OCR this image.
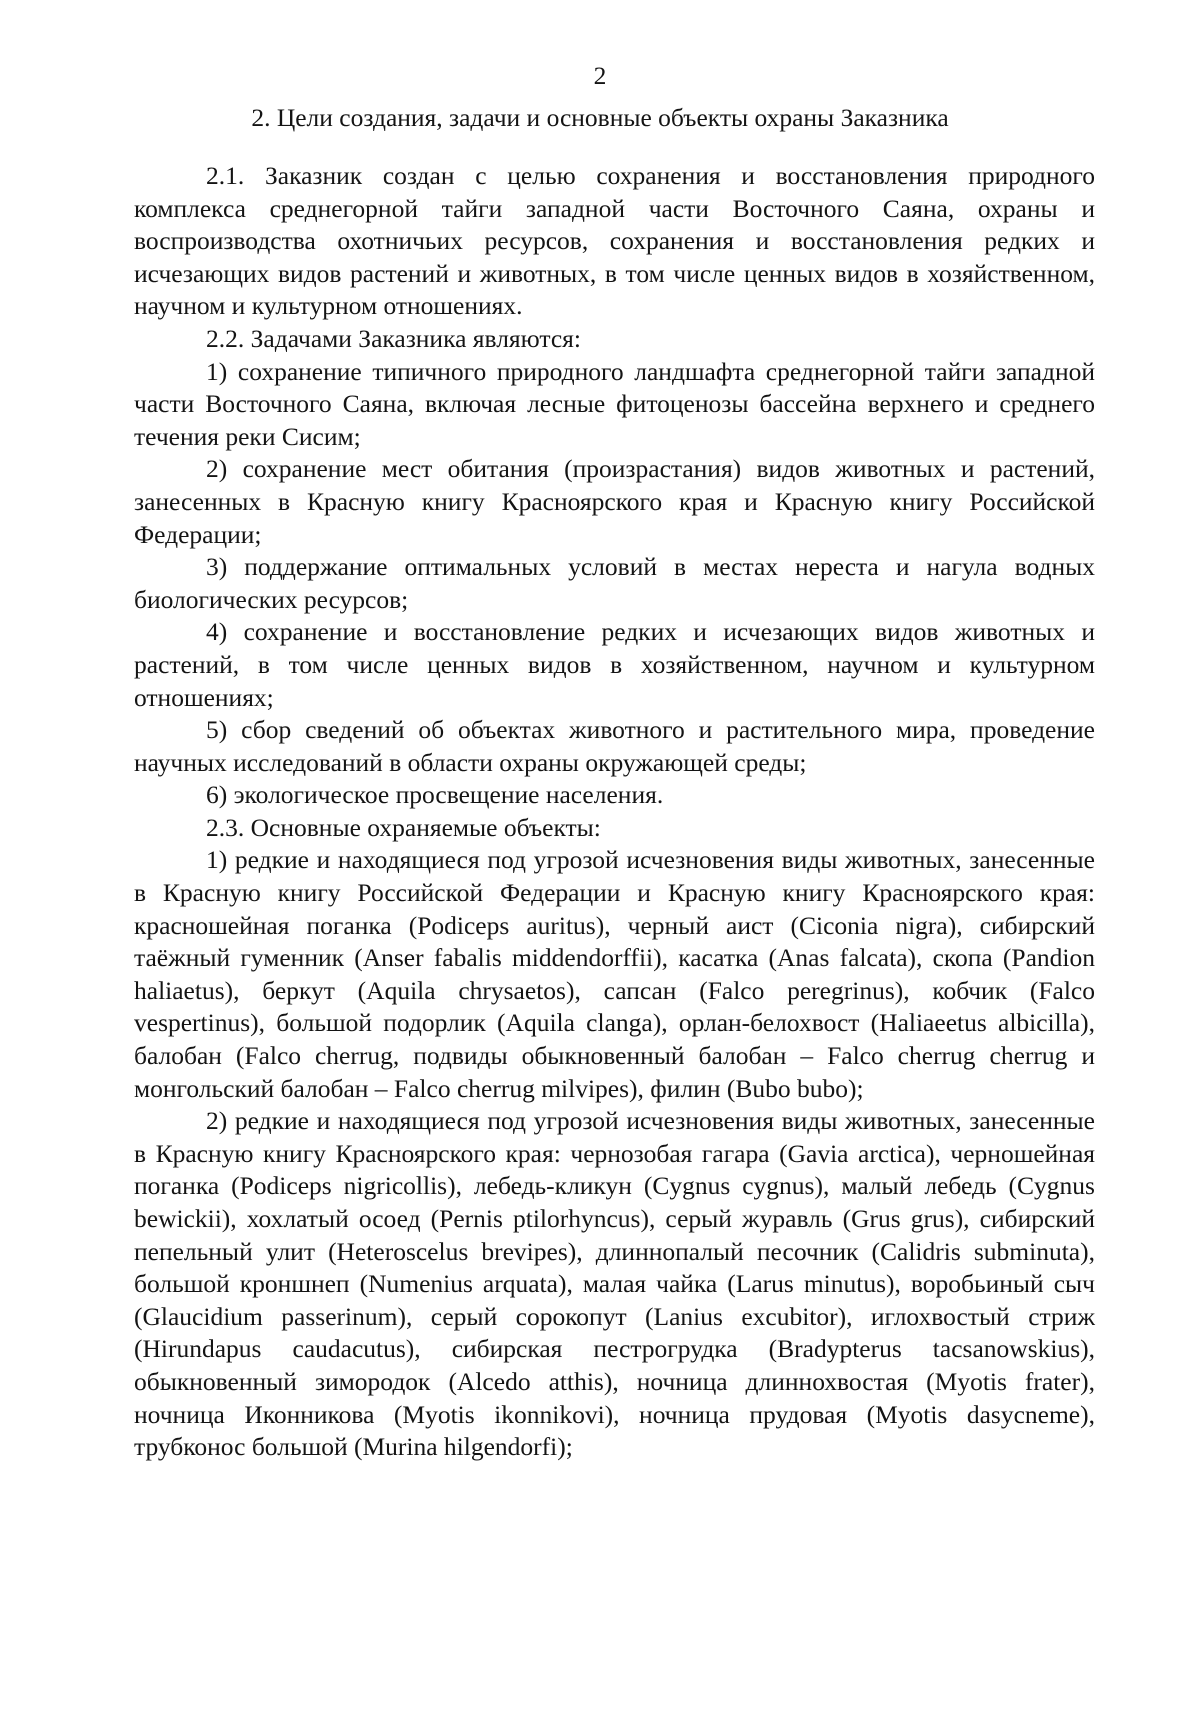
2
2. Цели создания, задачи и основные объекты охраны Заказника

2.1. Заказник создан с целью сохранения и восстановления природного комплекса среднегорной тайги западной части Восточного Саяна, охраны и воспроизводства охотничьих ресурсов, сохранения и восстановления редких и исчезающих видов растений и животных, в том числе ценных видов в хозяйственном, научном и культурном отношениях.

2.2. Задачами Заказника являются:

1) сохранение типичного природного ландшафта среднегорной тайги западной части Восточного Саяна, включая лесные фитоценозы бассейна верхнего и среднего течения реки Сисим;

2) сохранение мест обитания (произрастания) видов животных и растений, занесенных в Красную книгу Красноярского края и Красную книгу Российской Федерации;

3) поддержание оптимальных условий в местах нереста и нагула водных биологических ресурсов;

4) сохранение и восстановление редких и исчезающих видов животных и растений, в том числе ценных видов в хозяйственном, научном и культурном отношениях;

5) сбор сведений об объектах животного и растительного мира, проведение научных исследований в области охраны окружающей среды;

6) экологическое просвещение населения.

2.3. Основные охраняемые объекты:

1) редкие и находящиеся под угрозой исчезновения виды животных, занесенные в Красную книгу Российской Федерации и Красную книгу Красноярского края: красношейная поганка (Podiceps auritus), черный аист (Ciconia nigra), сибирский таёжный гуменник (Anser fabalis middendorffii), касатка (Anas falcata), скопа (Pandion haliaetus), беркут (Aquila chrysaetos), сапсан (Falco peregrinus), кобчик (Falco vespertinus), большой подорлик (Aquila clanga), орлан-белохвост (Haliaeetus albicilla), балобан (Falco cherrug, подвиды обыкновенный балобан – Falco cherrug cherrug и монгольский балобан – Falco cherrug milvipes), филин (Bubo bubo);

2) редкие и находящиеся под угрозой исчезновения виды животных, занесенные в Красную книгу Красноярского края: чернозобая гагара (Gavia arctica), черношейная поганка (Podiceps nigricollis), лебедь-кликун (Cygnus cygnus), малый лебедь (Cygnus bewickii), хохлатый осоед (Pernis ptilorhyncus), серый журавль (Grus grus), сибирский пепельный улит (Heteroscelus brevipes), длиннопалый песочник (Calidris subminuta), большой кроншнеп (Numenius arquata), малая чайка (Larus minutus), воробьиный сыч (Glaucidium passerinum), серый сорокопут (Lanius excubitor), иглохвостый стриж (Hirundapus caudacutus), сибирская пестрогрудка (Bradypterus tacsanowskius), обыкновенный зимородок (Alcedo atthis), ночница длиннохвостая (Myotis frater), ночница Иконникова (Myotis ikonnikovi), ночница прудовая (Myotis dasycneme), трубконос большой (Murina hilgendorfi);
